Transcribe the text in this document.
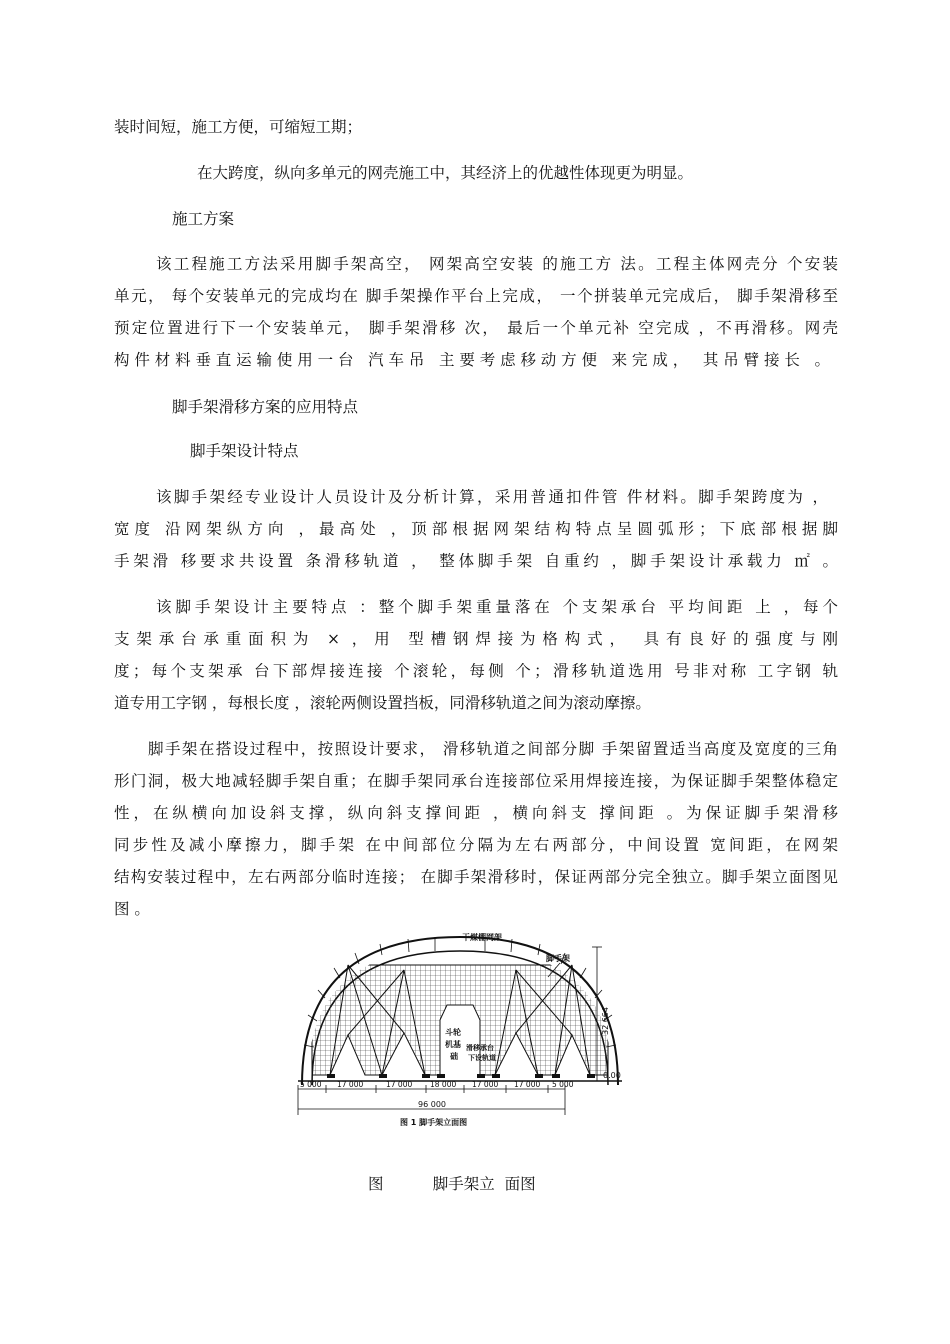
装时间短，施工方便，可缩短工期；
在大跨度，纵向多单元的网壳施工中，其经济上的优越性体现更为明显。
施工方案
该工程施工方法采用脚手架高空， 网架高空安装 的施工方 法。工程主体网壳分 个安装
单元， 每个安装单元的完成均在 脚手架操作平台上完成， 一个拼装单元完成后， 脚手架滑移至
预定位置进行下一个安装单元， 脚手架滑移 次， 最后一个单元补 空完成 ，不再滑移。网壳
构件材料垂直运输使用一台 汽车吊 主要考虑移动方便 来完成， 其吊臂接长 。
脚手架滑移方案的应用特点
脚手架设计特点
该脚手架经专业设计人员设计及分析计算，采用普通扣件管 件材料。脚手架跨度为 ，
宽度 沿网架纵方向 ，最高处 ，顶部根据网架结构特点呈圆弧形；下底部根据脚
手架滑 移要求共设置 条滑移轨道 ， 整体脚手架 自重约 ，脚手架设计承载力 ㎡ 。
该脚手架设计主要特点 ：整个脚手架重量落在 个支架承台 平均间距 上 ，每个
支架承台承重面积为 × ，用 型槽钢焊接为格构式， 具有良好的强度与刚
度；每个支架承 台下部焊接连接 个滚轮，每侧 个；滑移轨道选用 号非对称 工字钢 轨
道专用工字钢 ，每根长度 ，滚轮两侧设置挡板，同滑移轨道之间为滚动摩擦。
脚手架在搭设过程中，按照设计要求， 滑移轨道之间部分脚 手架留置适当高度及宽度的三角
形门洞，极大地减轻脚手架自重；在脚手架同承台连接部位采用焊接连接，为保证脚手架整体稳定
性，在纵横向加设斜支撑，纵向斜支撑间距 ，横向斜支 撑间距 。为保证脚手架滑移
同步性及减小摩擦力，脚手架 在中间部位分隔为左右两部分，中间设置 宽间距，在网架
结构安装过程中，左右两部分临时连接； 在脚手架滑移时，保证两部分完全独立。脚手架立面图见
图 。
干煤棚网架
脚手架
斗轮
机基
础
滑移承台
下设轨道
32 664
0.00
5 000 17 000	17 000 18 000 17 000 17 000 5 000
96 000
图 1 脚手架立面图
图          脚手架立  面图
